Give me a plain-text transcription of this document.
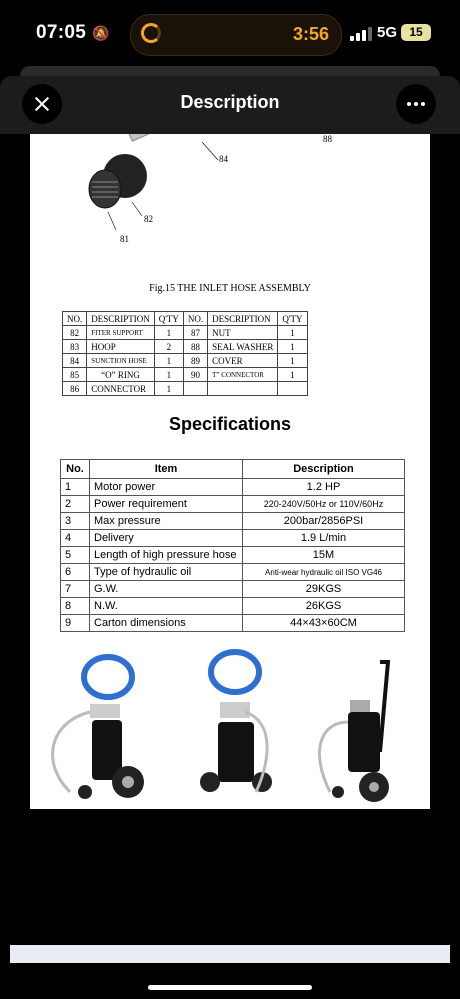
07:05 🔕	3:56	5G	15
Description
88
84
82
81
Fig.15 THE INLET HOSE ASSEMBLY
NO.	DESCRIPTION	Q'TY	NO.	DESCRIPTION	Q'TY
82	FITER SUPPORT	1	87	NUT	1
83	HOOP	2	88	SEAL WASHER	1
84	SUNCTION HOSE	1	89	COVER	1
85	“O” RING	1	90	T” CONNECTOR	1
86	CONNECTOR	1			
Specifications
No.	Item	Description
1	Motor power	1.2 HP
2	Power requirement	220-240V/50Hz or 110V/60Hz
3	Max pressure	200bar/2856PSI
4	Delivery	1.9 L/min
5	Length of high pressure hose	15M
6	Type of hydraulic oil	Anti-wear hydraulic oil ISO VG46
7	G.W.	29KGS
8	N.W.	26KGS
9	Carton dimensions	44×43×60CM
